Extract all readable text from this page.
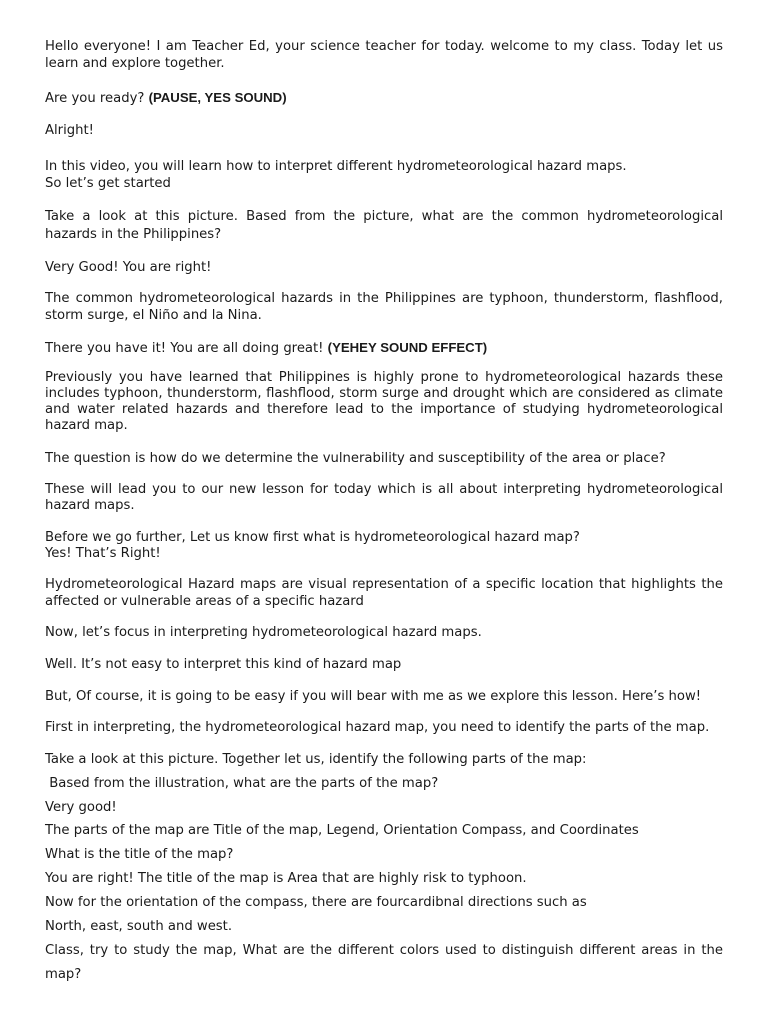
Hello everyone! I am Teacher Ed, your science teacher for today. welcome to my class. Today let us
learn and explore together.
Are you ready? (PAUSE, YES SOUND)
Alright!
In this video, you will learn how to interpret different hydrometeorological hazard maps.
So let’s get started
Take a look at this picture. Based from the picture, what are the common hydrometeorological
hazards in the Philippines?
Very Good! You are right!
The common hydrometeorological hazards in the Philippines are typhoon, thunderstorm, flashflood,
storm surge, el Niño and la Nina.
There you have it! You are all doing great! (YEHEY SOUND EFFECT)
Previously you have learned that Philippines is highly prone to hydrometeorological hazards these
includes typhoon, thunderstorm, flashflood, storm surge and drought which are considered as climate
and water related hazards and therefore lead to the importance of studying hydrometeorological
hazard map.
The question is how do we determine the vulnerability and susceptibility of the area or place?
These will lead you to our new lesson for today which is all about interpreting hydrometeorological
hazard maps.
Before we go further, Let us know first what is hydrometeorological hazard map?
Yes! That’s Right!
Hydrometeorological Hazard maps are visual representation of a specific location that highlights the
affected or vulnerable areas of a specific hazard
Now, let’s focus in interpreting hydrometeorological hazard maps.
Well. It’s not easy to interpret this kind of hazard map
But, Of course, it is going to be easy if you will bear with me as we explore this lesson. Here’s how!
First in interpreting, the hydrometeorological hazard map, you need to identify the parts of the map.
Take a look at this picture. Together let us, identify the following parts of the map:
Based from the illustration, what are the parts of the map?
Very good!
The parts of the map are Title of the map, Legend, Orientation Compass, and Coordinates
What is the title of the map?
You are right! The title of the map is Area that are highly risk to typhoon.
Now for the orientation of the compass, there are fourcardibnal directions such as
North, east, south and west.
Class, try to study the map, What are the different colors used to distinguish different areas in the
map?
